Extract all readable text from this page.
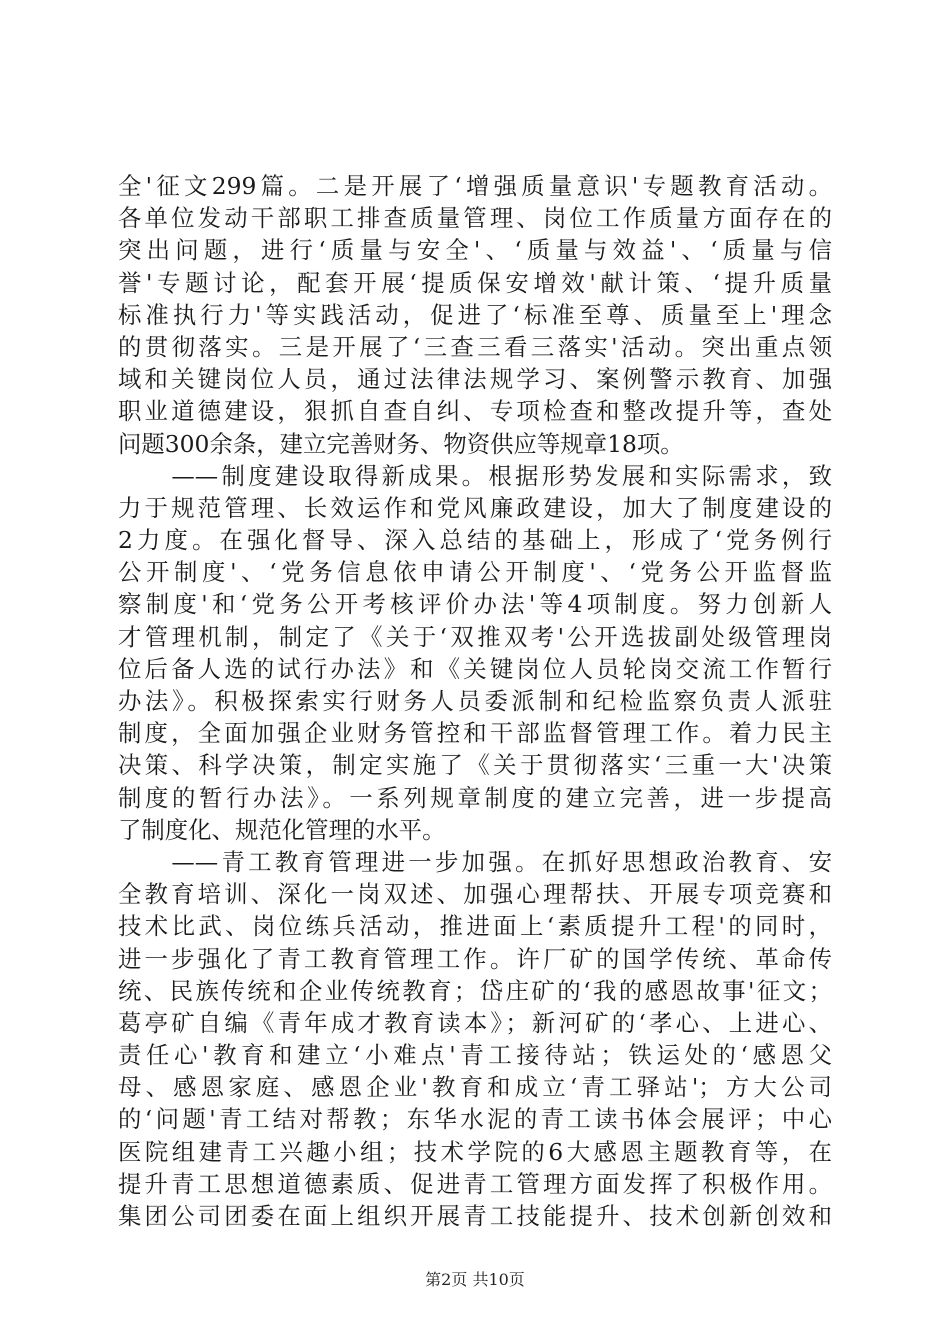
全'征文299篇。二是开展了‘增强质量意识'专题教育活动。
各单位发动干部职工排查质量管理、岗位工作质量方面存在的
突出问题，进行‘质量与安全'、‘质量与效益'、‘质量与信
誉'专题讨论，配套开展‘提质保安增效'献计策、‘提升质量
标准执行力'等实践活动，促进了‘标准至尊、质量至上'理念
的贯彻落实。三是开展了‘三查三看三落实'活动。突出重点领
域和关键岗位人员，通过法律法规学习、案例警示教育、加强
职业道德建设，狠抓自查自纠、专项检查和整改提升等，查处
问题300余条，建立完善财务、物资供应等规章18项。
　　——制度建设取得新成果。根据形势发展和实际需求，致
力于规范管理、长效运作和党风廉政建设，加大了制度建设的
2力度。在强化督导、深入总结的基础上，形成了‘党务例行
公开制度'、‘党务信息依申请公开制度'、‘党务公开监督监
察制度'和‘党务公开考核评价办法'等4项制度。努力创新人
才管理机制，制定了《关于‘双推双考'公开选拔副处级管理岗
位后备人选的试行办法》和《关键岗位人员轮岗交流工作暂行
办法》。积极探索实行财务人员委派制和纪检监察负责人派驻
制度，全面加强企业财务管控和干部监督管理工作。着力民主
决策、科学决策，制定实施了《关于贯彻落实‘三重一大'决策
制度的暂行办法》。一系列规章制度的建立完善，进一步提高
了制度化、规范化管理的水平。
　　——青工教育管理进一步加强。在抓好思想政治教育、安
全教育培训、深化一岗双述、加强心理帮扶、开展专项竞赛和
技术比武、岗位练兵活动，推进面上‘素质提升工程'的同时，
进一步强化了青工教育管理工作。许厂矿的国学传统、革命传
统、民族传统和企业传统教育；岱庄矿的‘我的感恩故事'征文；
葛亭矿自编《青年成才教育读本》；新河矿的‘孝心、上进心、
责任心'教育和建立‘小难点'青工接待站；铁运处的‘感恩父
母、感恩家庭、感恩企业'教育和成立‘青工驿站'；方大公司
的‘问题'青工结对帮教；东华水泥的青工读书体会展评；中心
医院组建青工兴趣小组；技术学院的6大感恩主题教育等，在
提升青工思想道德素质、促进青工管理方面发挥了积极作用。
集团公司团委在面上组织开展青工技能提升、技术创新创效和
第2页 共10页
